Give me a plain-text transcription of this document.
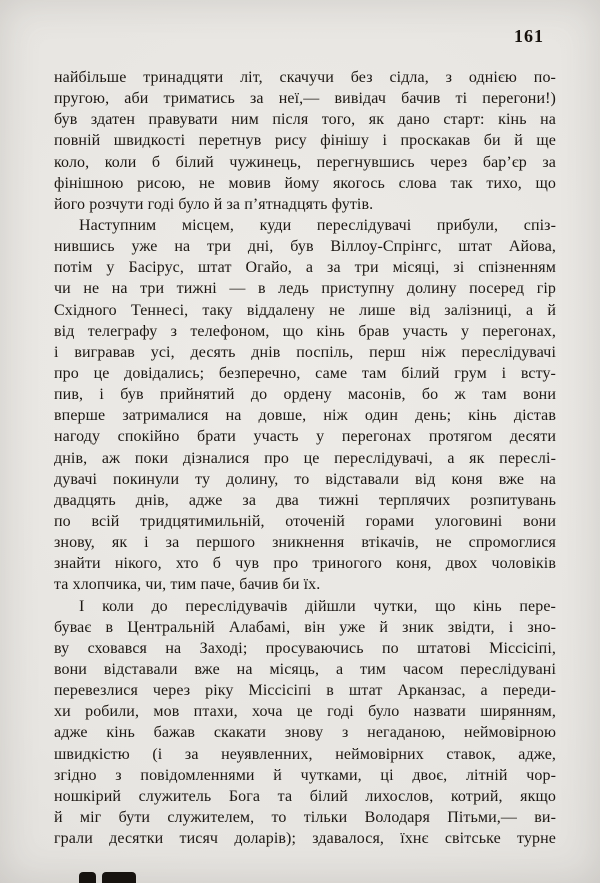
161

найбільше тринадцяти літ, скачучи без сідла, з однією по-
пругою, аби триматись за неї,— вивідач бачив ті перегони!)
був здатен правувати ним після того, як дано старт: кінь на
повній швидкості перетнув рису фінішу і проскакав би й ще
коло, коли б білий чужинець, перегнувшись через бар’єр за
фінішною рисою, не мовив йому якогось слова так тихо, що
його розчути годі було й за п’ятнадцять футів.

Наступним місцем, куди переслідувачі прибули, спіз-
нившись уже на три дні, був Віллоу-Спрінгс, штат Айова,
потім у Басірус, штат Огайо, а за три місяці, зі спізненням
чи не на три тижні — в ледь приступну долину посеред гір
Східного Теннесі, таку віддалену не лише від залізниці, а й
від телеграфу з телефоном, що кінь брав участь у перегонах,
і вигравав усі, десять днів поспіль, перш ніж переслідувачі
про це довідались; безперечно, саме там білий грум і всту-
пив, і був прийнятий до ордену масонів, бо ж там вони
вперше затрималися на довше, ніж один день; кінь дістав
нагоду спокійно брати участь у перегонах протягом десяти
днів, аж поки дізналися про це переслідувачі, а як переслі-
дувачі покинули ту долину, то відставали від коня вже на
двадцять днів, адже за два тижні терплячих розпитувань
по всій тридцятимильній, оточеній горами улоговині вони
знову, як і за першого зникнення втікачів, не спромоглися
знайти нікого, хто б чув про триногого коня, двох чоловіків
та хлопчика, чи, тим паче, бачив би їх.

І коли до переслідувачів дійшли чутки, що кінь пере-
буває в Центральній Алабамі, він уже й зник звідти, і зно-
ву сховався на Заході; просуваючись по штатові Міссісіпі,
вони відставали вже на місяць, а тим часом переслідувані
перевезлися через ріку Міссісіпі в штат Арканзас, а переди-
хи робили, мов птахи, хоча це годі було назвати ширянням,
адже кінь бажав скакати знову з негаданою, неймовірною
швидкістю (і за неуявленних, неймовірних ставок, адже,
згідно з повідомленнями й чутками, ці двоє, літній чор-
ношкірий служитель Бога та білий лихослов, котрий, якщо
й міг бути служителем, то тільки Володаря Пітьми,— ви-
грали десятки тисяч доларів); здавалося, їхнє світське турне
